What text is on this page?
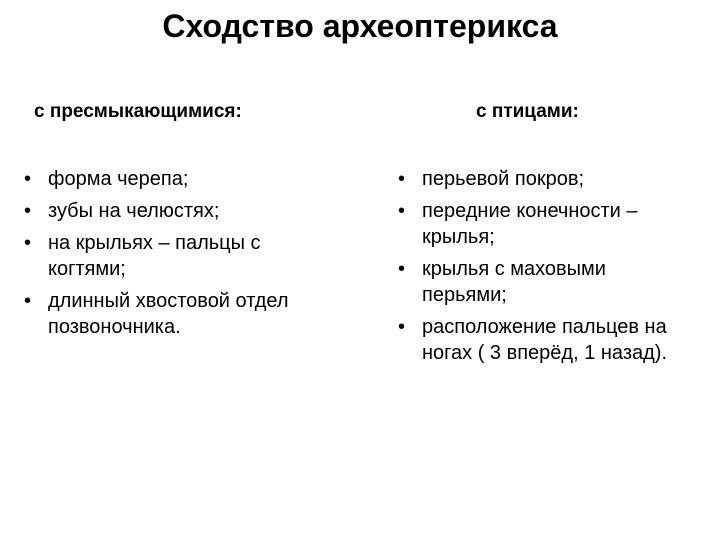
Сходство археоптерикса
с пресмыкающимися:
• форма черепа;
• зубы на челюстях;
• на крыльях – пальцы с когтями;
• длинный хвостовой отдел позвоночника.
с птицами:
• перьевой покров;
• передние конечности – крылья;
• крылья с маховыми перьями;
• расположение пальцев на ногах ( 3 вперёд, 1 назад).
